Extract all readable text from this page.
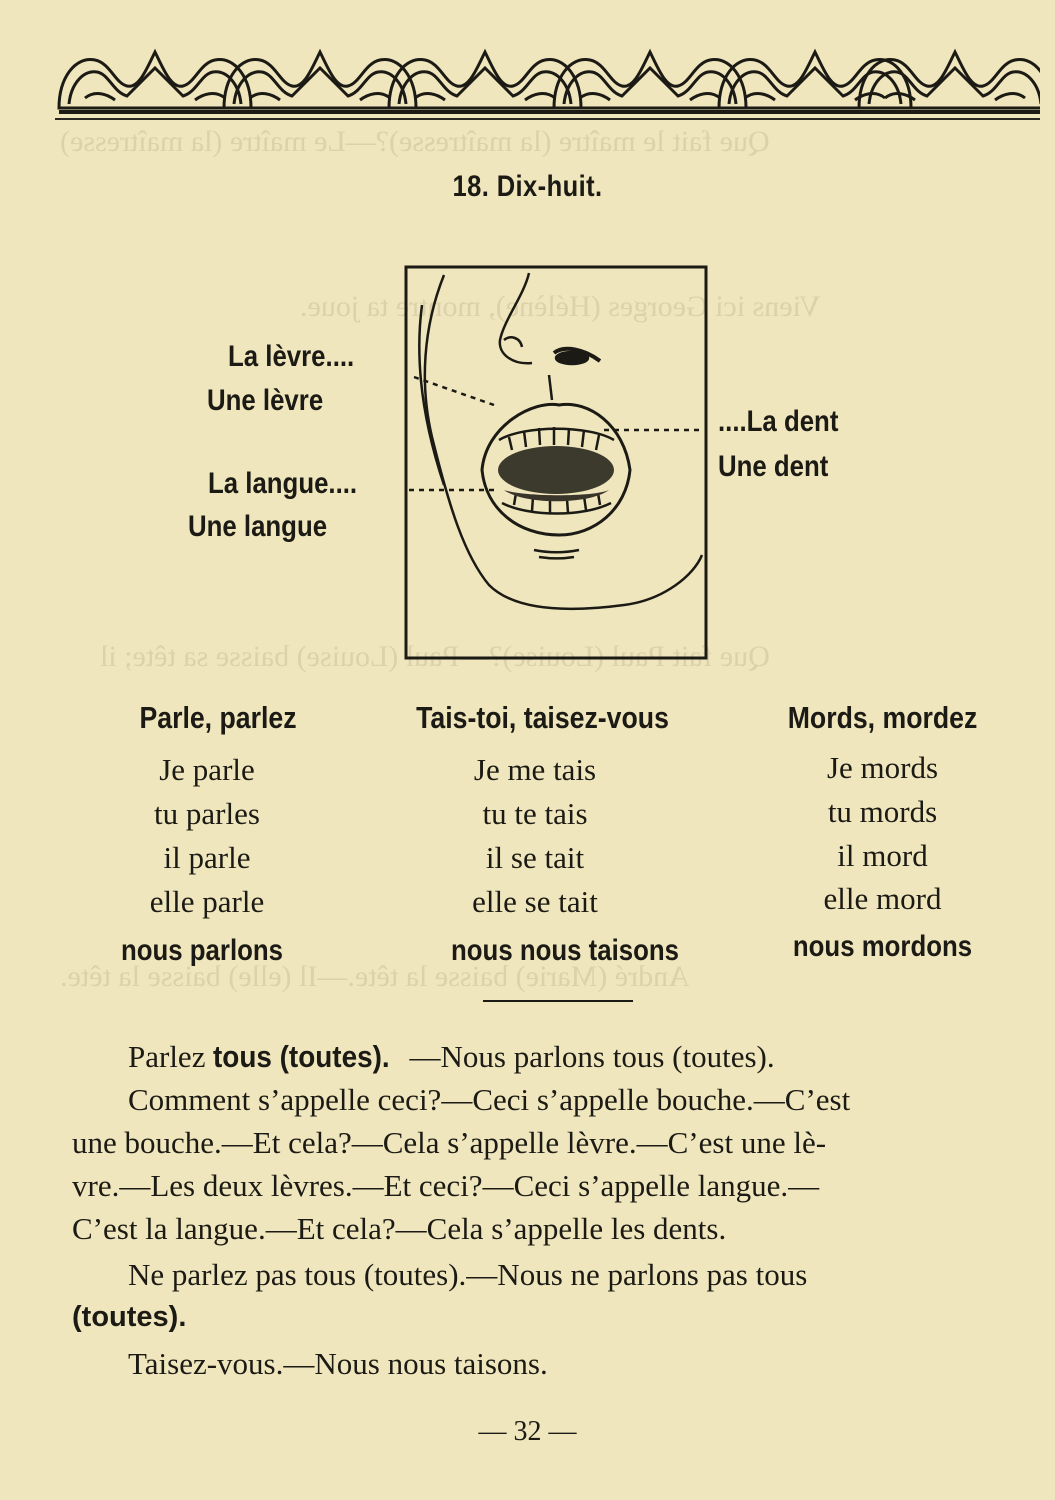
Que fait le maître (la maîtresse)?—Le maître (la maîtresse)
Viens ici Georges (Hélène), montre ta joue.
Que fait Paul (Louise)?—Paul (Louise) baisse sa tête; il
André (Marie) baisse la tête.—Il (elle) baisse la tête.
18. Dix-huit.
La lèvre....
Une lèvre
La langue....
Une langue
....La dent
Une dent
Parle, parlez
Je parle
tu parles
il parle
elle parle
nous parlons
Tais-toi, taisez-vous
Je me tais
tu te tais
il se tait
elle se tait
nous nous taisons
Mords, mordez
Je mords
tu mords
il mord
elle mord
nous mordons
Parlez tous (toutes). —Nous parlons tous (toutes).
Comment s’appelle ceci?—Ceci s’appelle bouche.—C’est
une bouche.—Et cela?—Cela s’appelle lèvre.—C’est une lè-
vre.—Les deux lèvres.—Et ceci?—Ceci s’appelle langue.—
C’est la langue.—Et cela?—Cela s’appelle les dents.
Ne parlez pas tous (toutes).—Nous ne parlons pas tous
(toutes).
Taisez-vous.—Nous nous taisons.
— 32 —
